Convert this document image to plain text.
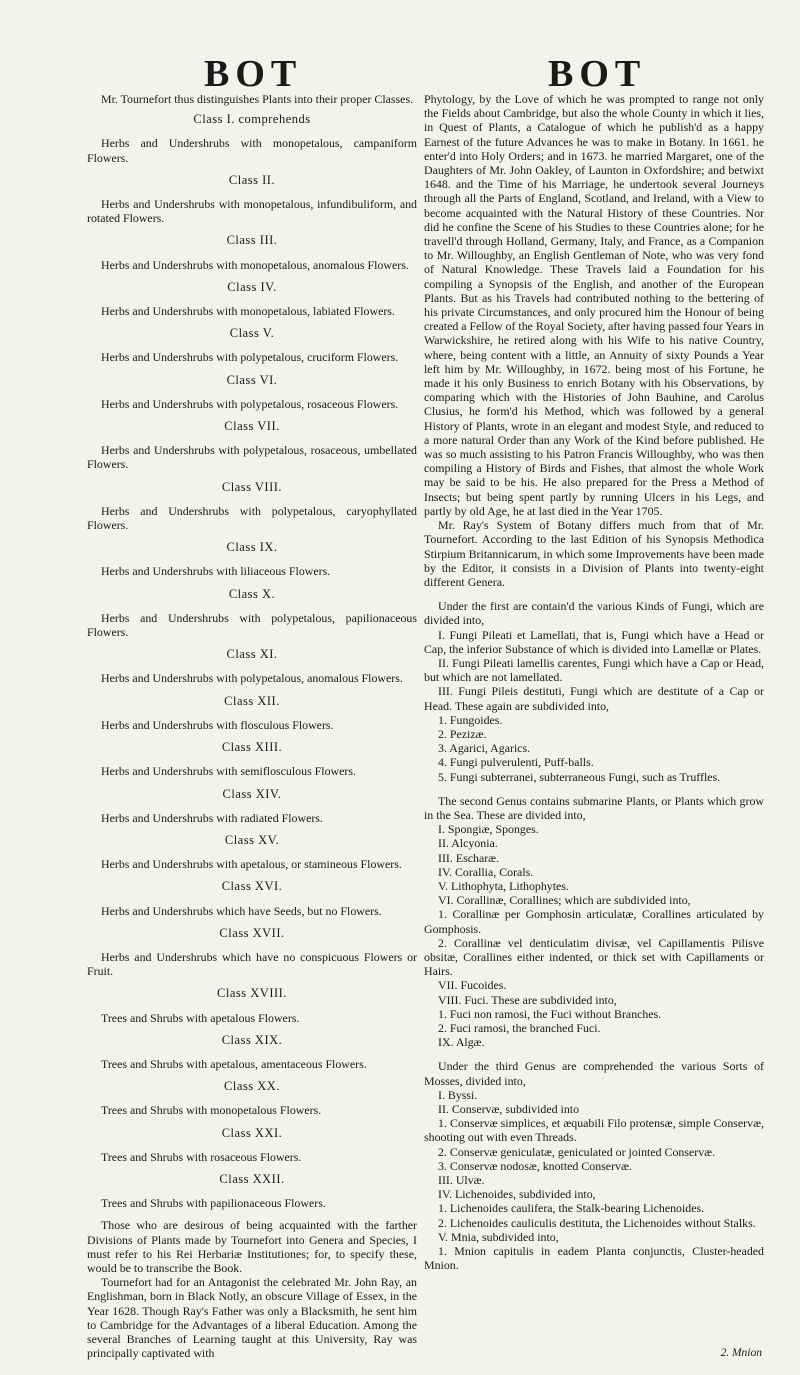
BOT	BOT

Mr. Tournefort thus distinguishes Plants into their proper Classes.

Class I. comprehends

Herbs and Undershrubs with monopetalous, campaniform Flowers.

Class II.

Herbs and Undershrubs with monopetalous, infundibuliform, and rotated Flowers.

Class III.

Herbs and Undershrubs with monopetalous, anomalous Flowers.

Class IV.

Herbs and Undershrubs with monopetalous, labiated Flowers.

Class V.

Herbs and Undershrubs with polypetalous, cruciform Flowers.

Class VI.

Herbs and Undershrubs with polypetalous, rosaceous Flowers.

Class VII.

Herbs and Undershrubs with polypetalous, rosaceous, umbellated Flowers.

Class VIII.

Herbs and Undershrubs with polypetalous, caryophyllated Flowers.

Class IX.

Herbs and Undershrubs with liliaceous Flowers.

Class X.

Herbs and Undershrubs with polypetalous, papilionaceous Flowers.

Class XI.

Herbs and Undershrubs with polypetalous, anomalous Flowers.

Class XII.

Herbs and Undershrubs with flosculous Flowers.

Class XIII.

Herbs and Undershrubs with semiflosculous Flowers.

Class XIV.

Herbs and Undershrubs with radiated Flowers.

Class XV.

Herbs and Undershrubs with apetalous, or stamineous Flowers.

Class XVI.

Herbs and Undershrubs which have Seeds, but no Flowers.

Class XVII.

Herbs and Undershrubs which have no conspicuous Flowers or Fruit.

Class XVIII.

Trees and Shrubs with apetalous Flowers.

Class XIX.

Trees and Shrubs with apetalous, amentaceous Flowers.

Class XX.

Trees and Shrubs with monopetalous Flowers.

Class XXI.

Trees and Shrubs with rosaceous Flowers.

Class XXII.

Trees and Shrubs with papilionaceous Flowers.

Those who are desirous of being acquainted with the farther Divisions of Plants made by Tournefort into Genera and Species, I must refer to his Rei Herbariæ Institutiones; for, to specify these, would be to transcribe the Book.

Tournefort had for an Antagonist the celebrated Mr. John Ray, an Englishman, born in Black Notly, an obscure Village of Essex, in the Year 1628. Though Ray's Father was only a Blacksmith, he sent him to Cambridge for the Advantages of a liberal Education. Among the several Branches of Learning taught at this University, Ray was principally captivated with

Phytology, by the Love of which he was prompted to range not only the Fields about Cambridge, but also the whole County in which it lies, in Quest of Plants, a Catalogue of which he publish'd as a happy Earnest of the future Advances he was to make in Botany. In 1661. he enter'd into Holy Orders; and in 1673. he married Margaret, one of the Daughters of Mr. John Oakley, of Launton in Oxfordshire; and betwixt 1648. and the Time of his Marriage, he undertook several Journeys through all the Parts of England, Scotland, and Ireland, with a View to become acquainted with the Natural History of these Countries. Nor did he confine the Scene of his Studies to these Countries alone; for he travell'd through Holland, Germany, Italy, and France, as a Companion to Mr. Willoughby, an English Gentleman of Note, who was very fond of Natural Knowledge. These Travels laid a Foundation for his compiling a Synopsis of the English, and another of the European Plants. But as his Travels had contributed nothing to the bettering of his private Circumstances, and only procured him the Honour of being created a Fellow of the Royal Society, after having passed four Years in Warwickshire, he retired along with his Wife to his native Country, where, being content with a little, an Annuity of sixty Pounds a Year left him by Mr. Willoughby, in 1672. being most of his Fortune, he made it his only Business to enrich Botany with his Observations, by comparing which with the Histories of John Bauhine, and Carolus Clusius, he form'd his Method, which was followed by a general History of Plants, wrote in an elegant and modest Style, and reduced to a more natural Order than any Work of the Kind before published. He was so much assisting to his Patron Francis Willoughby, who was then compiling a History of Birds and Fishes, that almost the whole Work may be said to be his. He also prepared for the Press a Method of Insects; but being spent partly by running Ulcers in his Legs, and partly by old Age, he at last died in the Year 1705.

Mr. Ray's System of Botany differs much from that of Mr. Tournefort. According to the last Edition of his Synopsis Methodica Stirpium Britannicarum, in which some Improvements have been made by the Editor, it consists in a Division of Plants into twenty-eight different Genera.

Under the first are contain'd the various Kinds of Fungi, which are divided into,

I. Fungi Pileati et Lamellati, that is, Fungi which have a Head or Cap, the inferior Substance of which is divided into Lamellæ or Plates.

II. Fungi Pileati lamellis carentes, Fungi which have a Cap or Head, but which are not lamellated.

III. Fungi Pileis destituti, Fungi which are destitute of a Cap or Head. These again are subdivided into,

1. Fungoides.

2. Pezizæ.

3. Agarici, Agarics.

4. Fungi pulverulenti, Puff-balls.

5. Fungi subterranei, subterraneous Fungi, such as Truffles.

The second Genus contains submarine Plants, or Plants which grow in the Sea. These are divided into,

I. Spongiæ, Sponges.

II. Alcyonia.

III. Escharæ.

IV. Corallia, Corals.

V. Lithophyta, Lithophytes.

VI. Corallinæ, Corallines; which are subdivided into,

1. Corallinæ per Gomphosin articulatæ, Corallines articulated by Gomphosis.

2. Corallinæ vel denticulatim divisæ, vel Capillamentis Pilisve obsitæ, Corallines either indented, or thick set with Capillaments or Hairs.

VII. Fucoides.

VIII. Fuci. These are subdivided into,

1. Fuci non ramosi, the Fuci without Branches.

2. Fuci ramosi, the branched Fuci.

IX. Algæ.

Under the third Genus are comprehended the various Sorts of Mosses, divided into,

I. Byssi.

II. Conservæ, subdivided into

1. Conservæ simplices, et æquabili Filo protensæ, simple Conservæ, shooting out with even Threads.

2. Conservæ geniculatæ, geniculated or jointed Conservæ.

3. Conservæ nodosæ, knotted Conservæ.

III. Ulvæ.

IV. Lichenoides, subdivided into,

1. Lichenoides caulifera, the Stalk-bearing Lichenoides.

2. Lichenoides cauliculis destituta, the Lichenoides without Stalks.

V. Mnia, subdivided into,

1. Mnion capitulis in eadem Planta conjunctis, Cluster-headed Mnion.

2. Mnion
